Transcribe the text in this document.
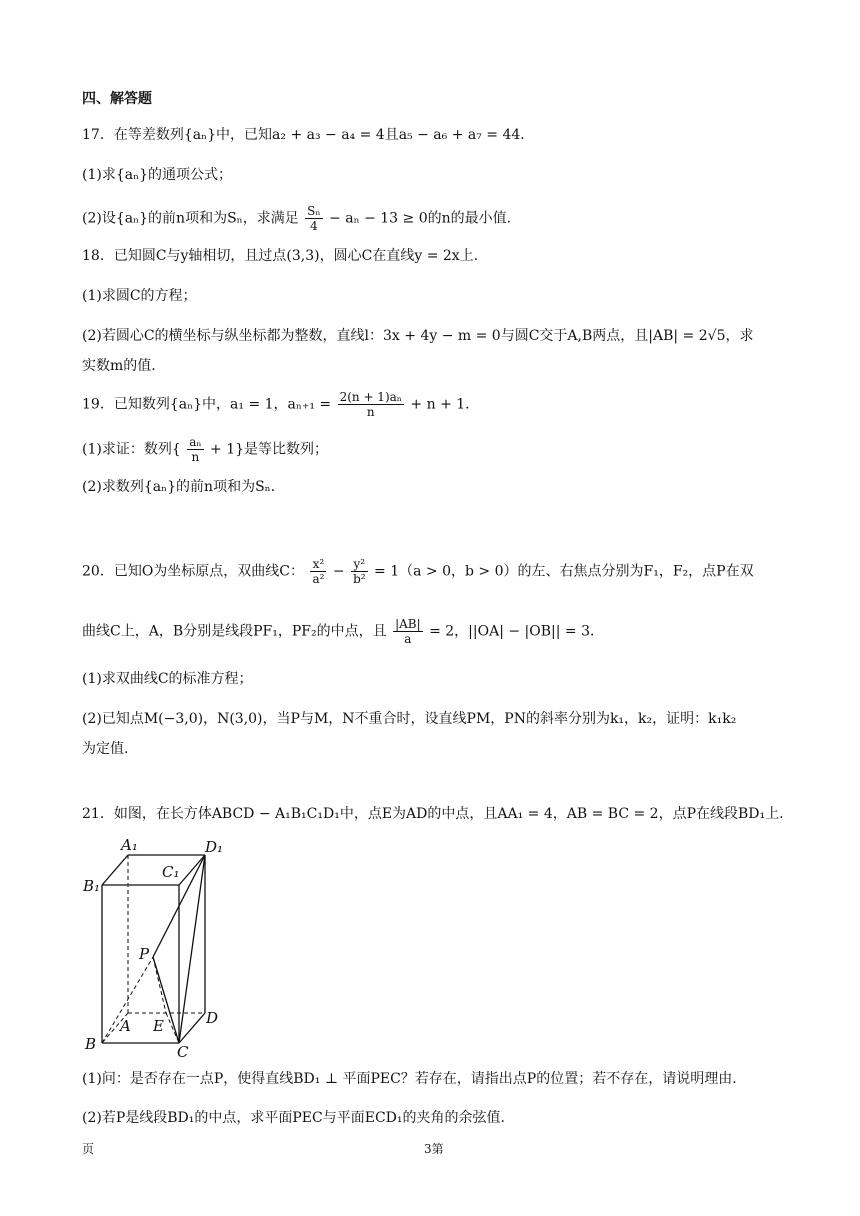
四、解答题
17．在等差数列{aₙ}中，已知a₂ + a₃ − a₄ = 4且a₅ − a₆ + a₇ = 44．
(1)求{aₙ}的通项公式；
(2)设{aₙ}的前n项和为Sₙ，求满足 $\frac{\text{Sₙ}}{4} - a_n - 13 \ge 0$的n的最小值.
18．已知圆C与y轴相切，且过点(3,3)，圆心C在直线y = 2x上.
(1)求圆C的方程；
(2)若圆心C的横坐标与纵坐标都为整数，直线l：3x + 4y − m = 0与圆C交于A,B两点，且|AB| = 2√5，求
实数m的值.
19．已知数列{aₙ}中，a₁ = 1，$a_{n+1} = \frac{\text{2(n + 1)aₙ}}{n} + n + 1$．
(1)求证：数列{ $\frac{\text{aₙ}}{n} + 1$}是等比数列；
(2)求数列{aₙ}的前n项和为Sₙ．
20．已知O为坐标原点，双曲线C： $\frac{\text{x²}}{\text{a²}} - \frac{\text{y²}}{\text{b²}} = 1(a > 0$，b > 0）的左、右焦点分别为F₁，F₂，点P在双
曲线C上，A，B分别是线段PF₁，PF₂的中点，且 $\frac{|AB|}{a} = 2$，||OA| − |OB|| = 3．
(1)求双曲线C的标准方程；
(2)已知点M(−3,0)，N(3,0)，当P与M，N不重合时，设直线PM，PN的斜率分别为k₁，k₂，证明：k₁k₂
为定值.
21．如图，在长方体ABCD − A₁B₁C₁D₁中，点E为AD的中点，且AA₁ = 4，AB = BC = 2，点P在线段BD₁上.
A₁	D₁
C₁
B₁
P
A E	D
B	C
(1)问：是否存在一点P，使得直线BD₁ ⊥ 平面PEC？若存在，请指出点P的位置；若不存在，请说明理由.
(2)若P是线段BD₁的中点，求平面PEC与平面ECD₁的夹角的余弦值.
页	3第
